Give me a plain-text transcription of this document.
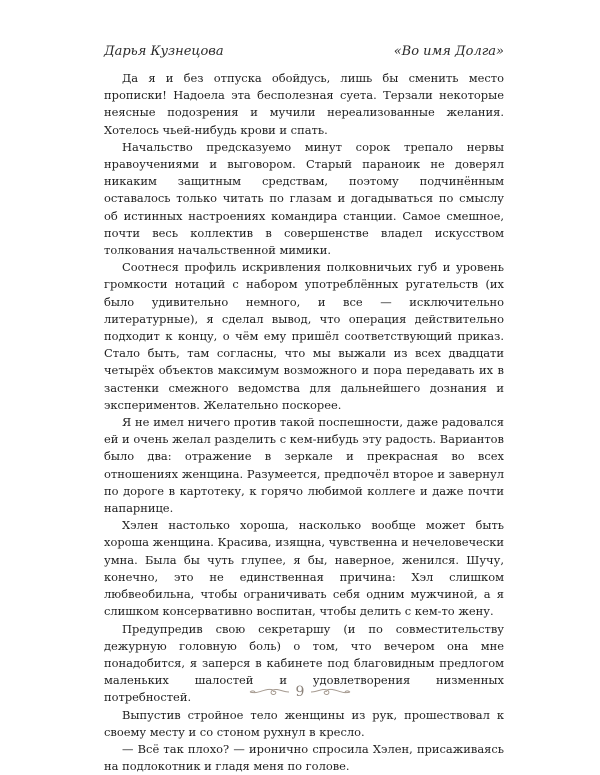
Дарья Кузнецова	«Во имя Долга»

Да я и без отпуска обойдусь, лишь бы сменить место прописки! Надоела эта бесполезная суета. Терзали некоторые неясные подозрения и мучили нереализованные желания. Хотелось чьей-нибудь крови и спать.

Начальство предсказуемо минут сорок трепало нервы нравоучениями и выговором. Старый параноик не доверял никаким защитным средствам, поэтому подчинённым оставалось только читать по глазам и догадываться по смыслу об истинных настроениях командира станции. Самое смешное, почти весь коллектив в совершенстве владел искусством толкования начальственной мимики.

Соотнеся профиль искривления полковничьих губ и уровень громкости нотаций с набором употреблённых ругательств (их было удивительно немного, и все — исключительно литературные), я сделал вывод, что операция действительно подходит к концу, о чём ему пришёл соответствующий приказ. Стало быть, там согласны, что мы выжали из всех двадцати четырёх объектов максимум возможного и пора передавать их в застенки смежного ведомства для дальнейшего дознания и экспериментов. Желательно поскорее.

Я не имел ничего против такой поспешности, даже радовался ей и очень желал разделить с кем-нибудь эту радость. Вариантов было два: отражение в зеркале и прекрасная во всех отношениях женщина. Разумеется, предпочёл второе и завернул по дороге в картотеку, к горячо любимой коллеге и даже почти напарнице.

Хэлен настолько хороша, насколько вообще может быть хороша женщина. Красива, изящна, чувственна и нечеловечески умна. Была бы чуть глупее, я бы, наверное, женился. Шучу, конечно, это не единственная причина: Хэл слишком любвеобильна, чтобы ограничивать себя одним мужчиной, а я слишком консервативно воспитан, чтобы делить с кем-то жену.

Предупредив свою секретаршу (и по совместительству дежурную головную боль) о том, что вечером она мне понадобится, я заперся в кабинете под благовидным предлогом маленьких шалостей и удовлетворения низменных потребностей.

Выпустив стройное тело женщины из рук, прошествовал к своему месту и со стоном рухнул в кресло.

— Всё так плохо? — иронично спросила Хэлен, присаживаясь на подлокотник и гладя меня по голове.

9
